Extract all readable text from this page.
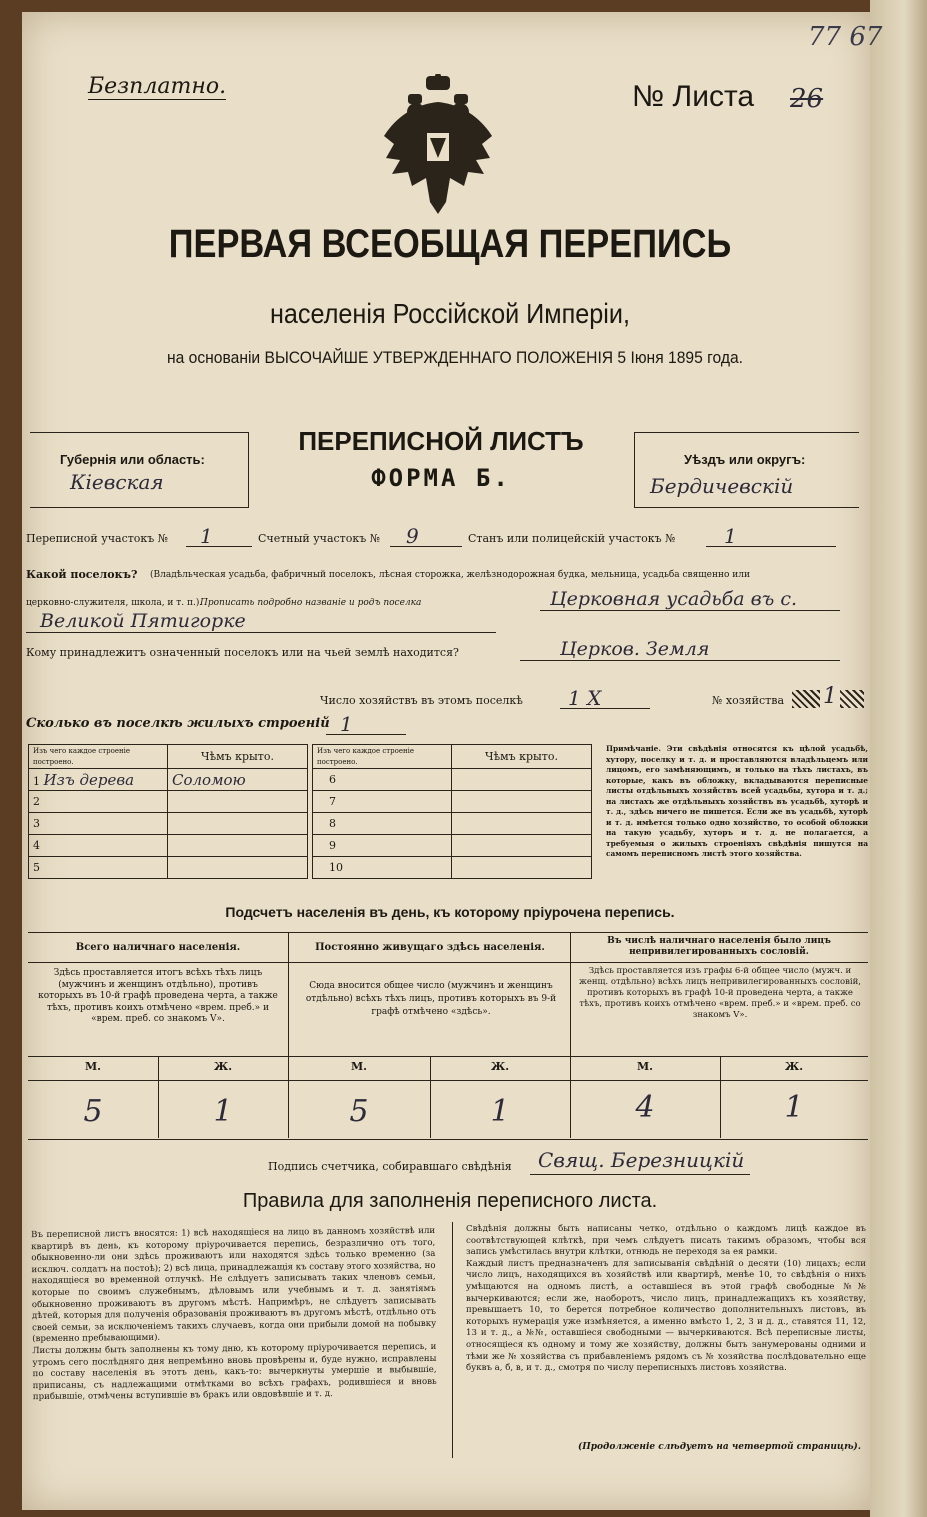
Безплатно.	№ Листа 26
77 67
ПЕРВАЯ ВСЕОБЩАЯ ПЕРЕПИСЬ
населенія Россійской Имперіи,
на основаніи ВЫСОЧАЙШЕ УТВЕРЖДЕННАГО ПОЛОЖЕНІЯ 5 Іюня 1895 года.
Губернія или область:
Кіевская
ПЕРЕПИСНОЙ ЛИСТЪ
ФОРМА Б.
Уѣздъ или округъ:
Бердичевскій
Переписной участокъ № 1	Счетный участокъ № 9	Станъ или полицейскій участокъ № 1
Какой поселокъ? (Владѣльческая усадьба, фабричный поселокъ, лѣсная сторожка, желѣзнодорожная будка, мельница, усадьба священно или
церковно-служителя, школа, и т. п.).
Прописать подробно названіе и родъ поселка	Церковная усадьба въ с.
Великой Пятигорке
Кому принадлежитъ означенный поселокъ или на чьей землѣ находится?	Церков. Земля
Число хозяйствъ въ этомъ поселкѣ 1 Х	№ хозяйства 1
Сколько въ поселкѣ жилыхъ строеній 1
Изъ чего каждое строеніе построено.	Чѣмъ крыто.
1 Изъ дерева	Соломою
2	
3	
4	
5	
Изъ чего каждое строеніе построено.	Чѣмъ крыто.
6	
7	
8	
9	
10	
Примѣчаніе. Эти свѣдѣнія относятся къ цѣлой усадьбѣ, хутору, поселку и т. д. и проставляются владѣльцемъ или лицомъ, его замѣняющимъ, и только на тѣхъ листахъ, въ которые, какъ въ обложку, вкладываются переписные листы отдѣльныхъ хозяйствъ всей усадьбы, хутора и т. д.; на листахъ же отдѣльныхъ хозяйствъ въ усадьбѣ, хуторѣ и т. д., здѣсь ничего не пишется. Если же въ усадьбѣ, хуторѣ и т. д. имѣется только одно хозяйство, то особой обложки на такую усадьбу, хуторъ и т. д. не полагается, а требуемыя о жилыхъ строеніяхъ свѣдѣнія пишутся на самомъ переписномъ листѣ этого хозяйства.
Подсчетъ населенія въ день, къ которому пріурочена перепись.
Всего наличнаго населенія.	Постоянно живущаго здѣсь населенія.
Въ числѣ наличнаго населенія было лицъ непривилегированныхъ сословій.
Здѣсь проставляется итогъ всѣхъ тѣхъ лицъ (мужчинъ и женщинъ отдѣльно), противъ которыхъ въ 10-й графѣ проведена черта, а также тѣхъ, противъ коихъ отмѣчено «врем. преб.» и «врем. преб. со знакомъ V».
Сюда вносится общее число (мужчинъ и женщинъ отдѣльно) всѣхъ тѣхъ лицъ, противъ которыхъ въ 9-й графѣ отмѣчено «здѣсь».
Здѣсь проставляется изъ графы 6-й общее число (мужч. и женщ. отдѣльно) всѣхъ лицъ непривилегированныхъ сословій, противъ которыхъ въ графѣ 10-й проведена черта, а также тѣхъ, противъ коихъ отмѣчено «врем. преб.» и «врем. преб. со знакомъ V».
М.	Ж.	М.	Ж.	М.	Ж.
5	1	5	1	4	1
Подпись счетчика, собиравшаго свѣдѣнія Свящ. Березницкій
Правила для заполненія переписного листа.
Въ переписной листъ вносятся: 1) всѣ находящіеся на лицо въ данномъ хозяйствѣ или квартирѣ въ день, къ которому пріурочивается перепись, безразлично отъ того, обыкновенно-ли они здѣсь проживаютъ или находятся здѣсь только временно (за исключ. солдатъ на постоѣ); 2) всѣ лица, принадлежащія къ составу этого хозяйства, но находящіеся во временной отлучкѣ. Не слѣдуетъ записывать таких членовъ семьи, которые по своимъ служебнымъ, дѣловымъ или учебнымъ и т. д. занятіямъ обыкновенно проживаютъ въ другомъ мѣстѣ. Напримѣръ, не слѣдуетъ записывать дѣтей, которыя для полученія образованія проживаютъ въ другомъ мѣстѣ, отдѣльно отъ своей семьи, за исключеніемъ такихъ случаевъ, когда они прибыли домой на побывку (временно пребывающими).
Листы должны быть заполнены къ тому дню, къ которому пріурочивается перепись, и утромъ сего послѣдняго дня непремѣнно вновь провѣрены и, буде нужно, исправлены по составу населенія въ этотъ день, какъ-то: вычеркнуты умершіе и выбывшіе, приписаны, съ надлежащими отмѣтками во всѣхъ графахъ, родившіеся и вновь прибывшіе, отмѣчены вступившіе въ бракъ или овдовѣвшіе и т. д.
Свѣдѣнія должны быть написаны четко, отдѣльно о каждомъ лицѣ каждое въ соотвѣтствующей клѣткѣ, при чемъ слѣдуетъ писать такимъ образомъ, чтобы вся запись умѣстилась внутри клѣтки, отнюдь не переходя за ея рамки.
Каждый листъ предназначенъ для записыванія свѣдѣній о десяти (10) лицахъ; если число лицъ, находящихся въ хозяйствѣ или квартирѣ, менѣе 10, то свѣдѣнія о нихъ умѣщаются на одномъ листѣ, а оставшіеся въ этой графѣ свободные №№ вычеркиваются; если же, наоборотъ, число лицъ, принадлежащихъ къ хозяйству, превышаетъ 10, то берется потребное количество дополнительныхъ листовъ, въ которыхъ нумерація уже измѣняется, а именно вмѣсто 1, 2, 3 и д. д., ставятся 11, 12, 13 и т. д., а №№, оставшіеся свободными — вычеркиваются. Всѣ переписные листы, относящіеся къ одному и тому же хозяйству, должны быть занумерованы одними и тѣми же № хозяйства съ прибавленіемъ рядомъ съ № хозяйства послѣдовательно еще буквъ а, б, в, и т. д., смотря по числу переписныхъ листовъ хозяйства.
(Продолженіе слѣдуетъ на четвертой страницѣ).
